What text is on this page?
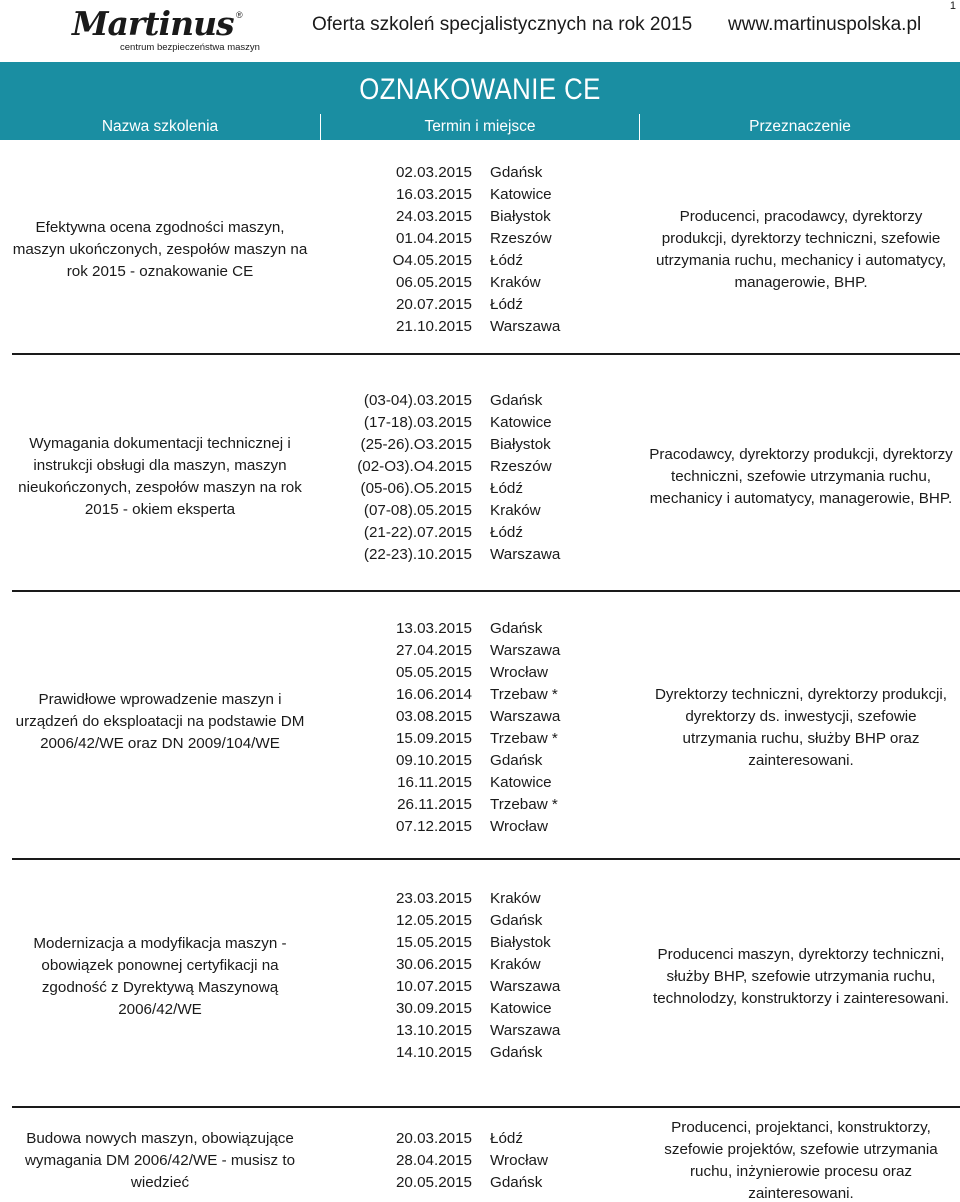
Martinus ®
centrum bezpieczeństwa maszyn
Oferta szkoleń specjalistycznych na rok 2015 www.martinuspolska.pl
1
OZNAKOWANIE CE
Nazwa szkolenia	Termin i miejsce	Przeznaczenie
Efektywna ocena zgodności maszyn, maszyn ukończonych, zespołów maszyn na rok 2015 - oznakowanie CE
02.03.2015 Gdańsk
16.03.2015 Katowice
24.03.2015 Białystok
01.04.2015 Rzeszów
O4.05.2015 Łódź
06.05.2015 Kraków
20.07.2015 Łódź
21.10.2015 Warszawa
Producenci, pracodawcy, dyrektorzy produkcji, dyrektorzy techniczni, szefowie utrzymania ruchu, mechanicy i automatycy, managerowie, BHP.
Wymagania dokumentacji technicznej i instrukcji obsługi dla maszyn, maszyn nieukończonych, zespołów maszyn na rok 2015 - okiem eksperta
(03-04).03.2015 Gdańsk
(17-18).03.2015 Katowice
(25-26).O3.2015 Białystok
(02-O3).O4.2015 Rzeszów
(05-06).O5.2015 Łódź
(07-08).05.2015 Kraków
(21-22).07.2015 Łódź
(22-23).10.2015 Warszawa
Pracodawcy, dyrektorzy produkcji, dyrektorzy techniczni, szefowie utrzymania ruchu, mechanicy i automatycy, managerowie, BHP.
Prawidłowe wprowadzenie maszyn i urządzeń do eksploatacji na podstawie DM 2006/42/WE oraz DN 2009/104/WE
13.03.2015 Gdańsk
27.04.2015 Warszawa
05.05.2015 Wrocław
16.06.2014 Trzebaw *
03.08.2015 Warszawa
15.09.2015 Trzebaw *
09.10.2015 Gdańsk
16.11.2015 Katowice
26.11.2015 Trzebaw *
07.12.2015 Wrocław
Dyrektorzy techniczni, dyrektorzy produkcji, dyrektorzy ds. inwestycji, szefowie utrzymania ruchu, służby BHP oraz zainteresowani.
Modernizacja a modyfikacja maszyn - obowiązek ponownej certyfikacji na zgodność z Dyrektywą Maszynową 2006/42/WE
23.03.2015 Kraków
12.05.2015 Gdańsk
15.05.2015 Białystok
30.06.2015 Kraków
10.07.2015 Warszawa
30.09.2015 Katowice
13.10.2015 Warszawa
14.10.2015 Gdańsk
Producenci maszyn, dyrektorzy techniczni, służby BHP, szefowie utrzymania ruchu, technolodzy, konstruktorzy i zainteresowani.
Budowa nowych maszyn, obowiązujące wymagania DM 2006/42/WE - musisz to wiedzieć
20.03.2015 Łódź
28.04.2015 Wrocław
20.05.2015 Gdańsk
Producenci, projektanci, konstruktorzy, szefowie projektów, szefowie utrzymania ruchu, inżynierowie procesu oraz zainteresowani.
